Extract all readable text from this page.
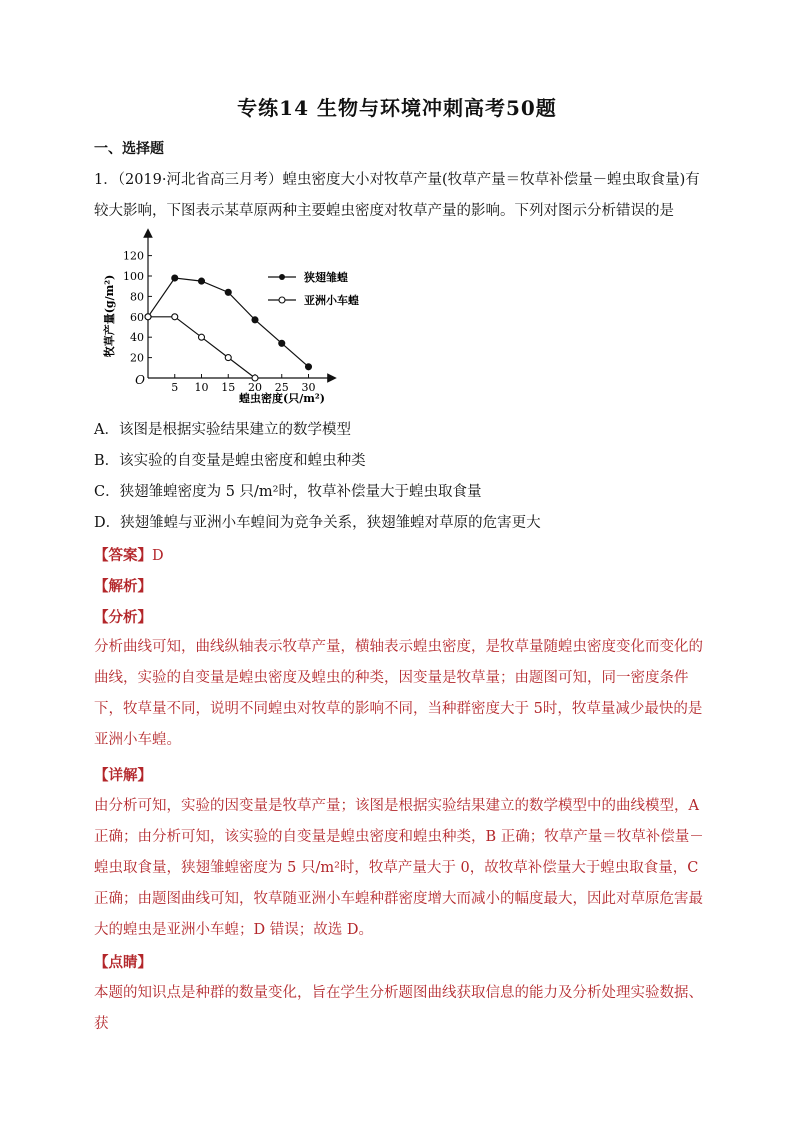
专练14 生物与环境冲刺高考50题
一、选择题
1．（2019·河北省高三月考）蝗虫密度大小对牧草产量(牧草产量＝牧草补偿量－蝗虫取食量)有较大影响，下图表示某草原两种主要蝗虫密度对牧草产量的影响。下列对图示分析错误的是
O
20
40
60
80
100
120
5 10 15 20 25 30
牧草产量(g/m²)
蝗虫密度(只/m²)
狭翅雏蝗
亚洲小车蝗
A．该图是根据实验结果建立的数学模型
B．该实验的自变量是蝗虫密度和蝗虫种类
C．狭翅雏蝗密度为 5 只/m²时，牧草补偿量大于蝗虫取食量
D．狭翅雏蝗与亚洲小车蝗间为竞争关系，狭翅雏蝗对草原的危害更大
【答案】D
【解析】
【分析】
分析曲线可知，曲线纵轴表示牧草产量，横轴表示蝗虫密度，是牧草量随蝗虫密度变化而变化的曲线，实验的自变量是蝗虫密度及蝗虫的种类，因变量是牧草量；由题图可知，同一密度条件下，牧草量不同，说明不同蝗虫对牧草的影响不同，当种群密度大于 5时，牧草量减少最快的是亚洲小车蝗。
【详解】
由分析可知，实验的因变量是牧草产量；该图是根据实验结果建立的数学模型中的曲线模型，A 正确；由分析可知，该实验的自变量是蝗虫密度和蝗虫种类，B 正确；牧草产量＝牧草补偿量－蝗虫取食量，狭翅雏蝗密度为 5 只/m²时，牧草产量大于 0，故牧草补偿量大于蝗虫取食量，C 正确；由题图曲线可知，牧草随亚洲小车蝗种群密度增大而减小的幅度最大，因此对草原危害最大的蝗虫是亚洲小车蝗；D 错误；故选 D。
【点睛】
本题的知识点是种群的数量变化，旨在学生分析题图曲线获取信息的能力及分析处理实验数据、获
